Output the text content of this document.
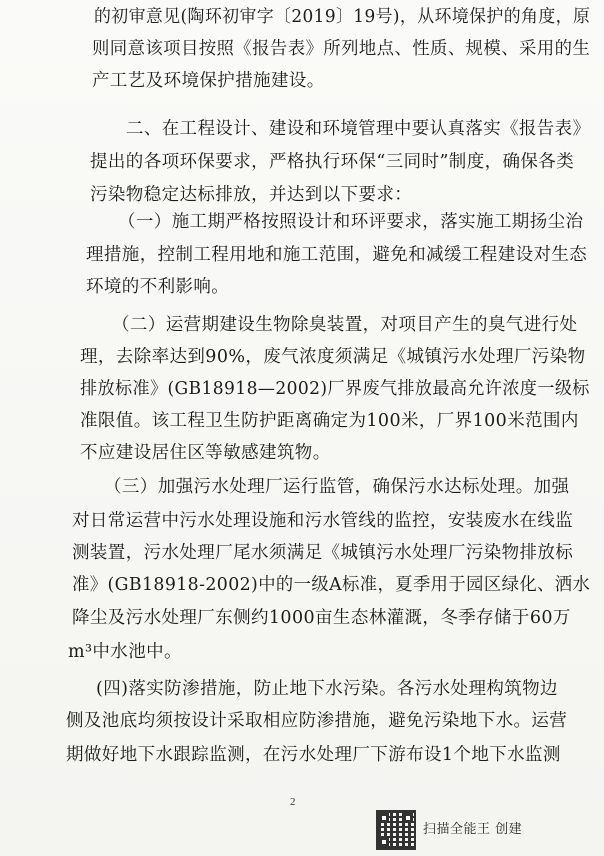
的初审意见(陶环初审字〔2019〕19号)，从环境保护的角度，原
则同意该项目按照《报告表》所列地点、性质、规模、采用的生
产工艺及环境保护措施建设。
二、在工程设计、建设和环境管理中要认真落实《报告表》
提出的各项环保要求，严格执行环保“三同时”制度，确保各类
污染物稳定达标排放，并达到以下要求：
（一）施工期严格按照设计和环评要求，落实施工期扬尘治
理措施，控制工程用地和施工范围，避免和减缓工程建设对生态
环境的不利影响。
（二）运营期建设生物除臭装置，对项目产生的臭气进行处
理，去除率达到90%，废气浓度须满足《城镇污水处理厂污染物
排放标准》(GB18918—2002)厂界废气排放最高允许浓度一级标
准限值。该工程卫生防护距离确定为100米，厂界100米范围内
不应建设居住区等敏感建筑物。
（三）加强污水处理厂运行监管，确保污水达标处理。加强
对日常运营中污水处理设施和污水管线的监控，安装废水在线监
测装置，污水处理厂尾水须满足《城镇污水处理厂污染物排放标
准》(GB18918-2002)中的一级A标准，夏季用于园区绿化、洒水
降尘及污水处理厂东侧约1000亩生态林灌溉，冬季存储于60万
m³中水池中。
(四)落实防渗措施，防止地下水污染。各污水处理构筑物边
侧及池底均须按设计采取相应防渗措施，避免污染地下水。运营
期做好地下水跟踪监测，在污水处理厂下游布设1个地下水监测
2
扫描全能王 创建
